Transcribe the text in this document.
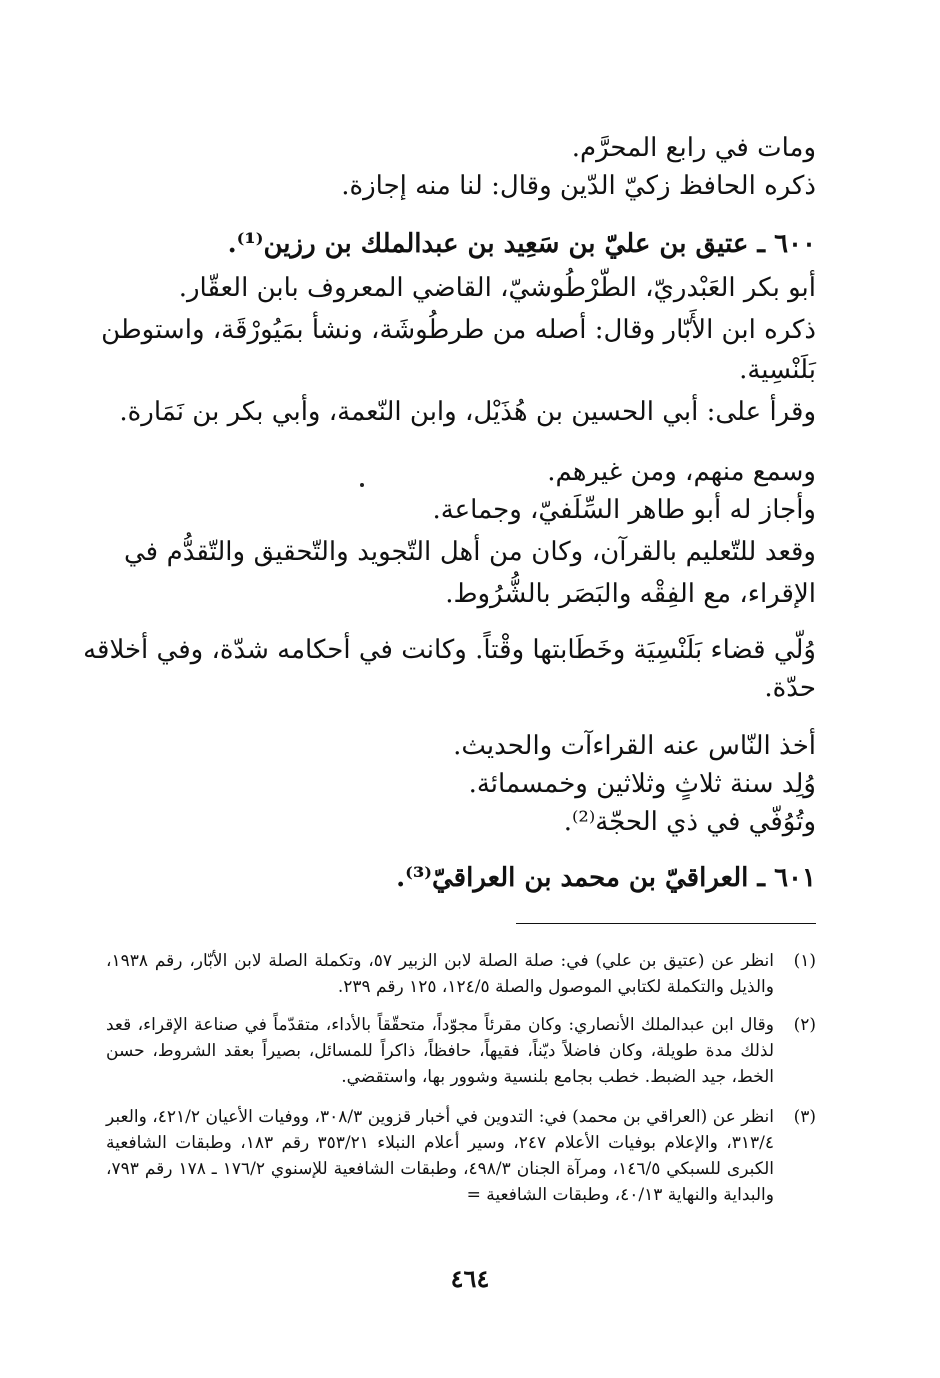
ومات في رابع المحرَّم.
ذكره الحافظ زكيّ الدّين وقال: لنا منه إجازة.
٦٠٠ ـ عتيق بن عليّ بن سَعِيد بن عبدالملك بن رزين⁽¹⁾.
أبو بكر العَبْدريّ، الطّرْطُوشيّ، القاضي المعروف بابن العقّار.
ذكره ابن الأَبّار وقال: أصله من طرطُوشَة، ونشأ بمَيُورْقَة، واستوطن
بَلَنْسِية.
وقرأ على: أبي الحسين بن هُذَيْل، وابن النّعمة، وأبي بكر بن نَمَارة.
وسمع منهم، ومن غيرهم.
وأجاز له أبو طاهر السِّلَفيّ، وجماعة.
وقعد للتّعليم بالقرآن، وكان من أهل التّجويد والتّحقيق والتّقدُّم في
الإقراء، مع الفِقْه والبَصَر بالشُّرُوط.
وُلّي قضاء بَلَنْسِيَة وخَطَابتها وقْتاً. وكانت في أحكامه شدّة، وفي أخلاقه
حدّة.
أخذ النّاس عنه القراءآت والحديث.
وُلِد سنة ثلاثٍ وثلاثين وخمسمائة.
وتُوُفّي في ذي الحجّة⁽²⁾.
٦٠١ ـ العراقيّ بن محمد بن العراقيّ⁽³⁾.
(١)
انظر عن (عتيق بن علي) في: صلة الصلة لابن الزبير ٥٧، وتكملة الصلة لابن الأبّار، رقم ١٩٣٨، والذيل والتكملة لكتابي الموصول والصلة ١٢٤/٥، ١٢٥ رقم ٢٣٩.
(٢)
وقال ابن عبدالملك الأنصاري: وكان مقرئاً مجوّداً، متحقّقاً بالأداء، متقدّماً في صناعة الإقراء، قعد لذلك مدة طويلة، وكان فاضلاً ديّناً، فقيهاً، حافظاً، ذاكراً للمسائل، بصيراً بعقد الشروط، حسن الخط، جيد الضبط. خطب بجامع بلنسية وشوور بها، واستقضي.
(٣)
انظر عن (العراقي بن محمد) في: التدوين في أخبار قزوين ٣٠٨/٣، ووفيات الأعيان ٤٢١/٢، والعبر ٣١٣/٤، والإعلام بوفيات الأعلام ٢٤٧، وسير أعلام النبلاء ٣٥٣/٢١ رقم ١٨٣، وطبقات الشافعية الكبرى للسبكي ١٤٦/٥، ومرآة الجنان ٤٩٨/٣، وطبقات الشافعية للإسنوي ١٧٦/٢ ـ ١٧٨ رقم ٧٩٣، والبداية والنهاية ٤٠/١٣، وطبقات الشافعية =
٤٦٤
